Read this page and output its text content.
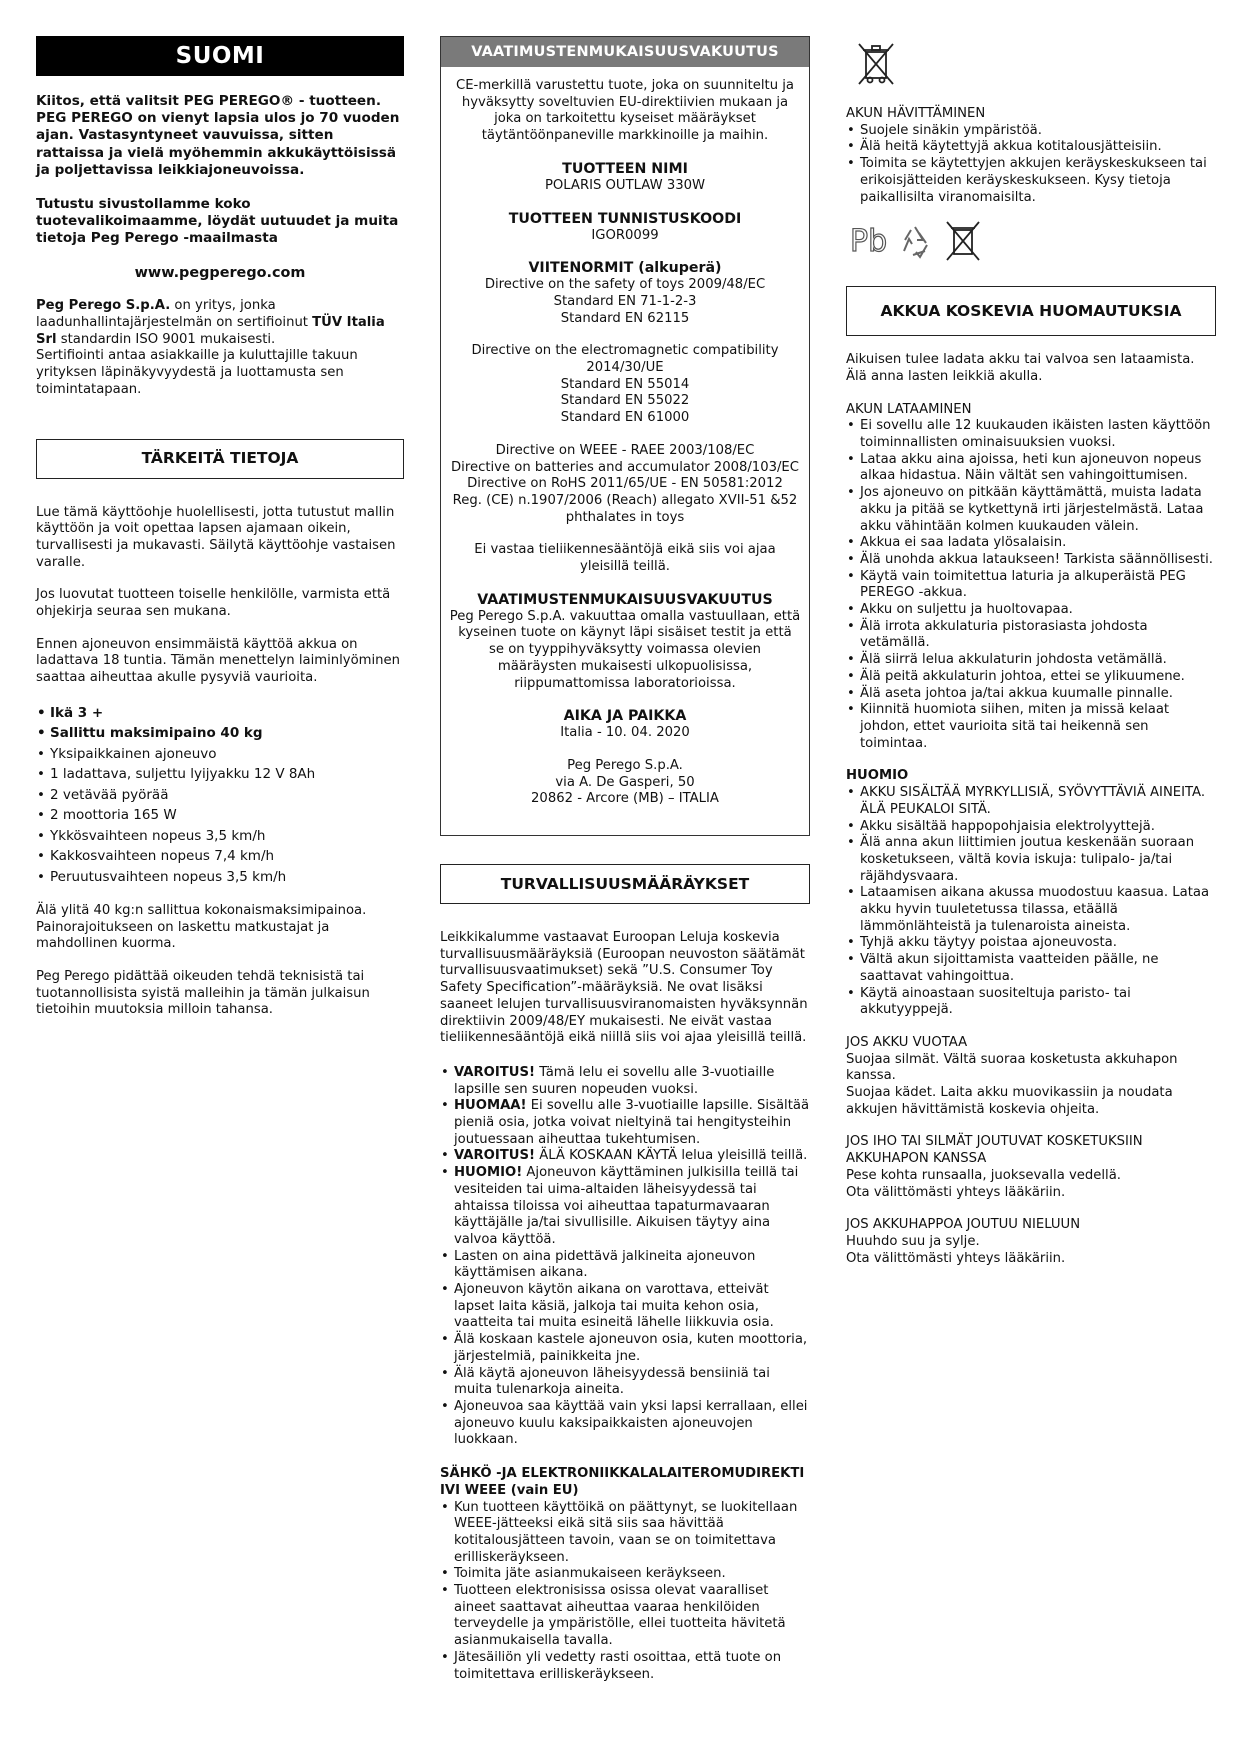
SUOMI
Kiitos, että valitsit PEG PEREGO® - tuotteen. PEG PEREGO on vienyt lapsia ulos jo 70 vuoden ajan. Vastasyntyneet vauvuissa, sitten rattaissa ja vielä myöhemmin akkukäyttöisissä ja poljettavissa leikkiajoneuvoissa.
Tutustu sivustollamme koko tuotevalikoimaamme, löydät uutuudet ja muita tietoja Peg Perego -maailmasta
www.pegperego.com
Peg Perego S.p.A. on yritys, jonka laadunhallintajärjestelmän on sertifioinut TÜV Italia Srl standardin ISO 9001 mukaisesti.
Sertifiointi antaa asiakkaille ja kuluttajille takuun yrityksen läpinäkyvyydestä ja luottamusta sen toimintatapaan.
TÄRKEITÄ TIETOJA
Lue tämä käyttöohje huolellisesti, jotta tutustut mallin käyttöön ja voit opettaa lapsen ajamaan oikein, turvallisesti ja mukavasti. Säilytä käyttöohje vastaisen varalle.
Jos luovutat tuotteen toiselle henkilölle, varmista että ohjekirja seuraa sen mukana.
Ennen ajoneuvon ensimmäistä käyttöä akkua on ladattava 18 tuntia. Tämän menettelyn laiminlyöminen saattaa aiheuttaa akulle pysyviä vaurioita.
• Ikä 3 +
• Sallittu maksimipaino 40 kg
• Yksipaikkainen ajoneuvo
• 1 ladattava, suljettu lyijyakku 12 V 8Ah
• 2 vetävää pyörää
• 2 moottoria 165 W
• Ykkösvaihteen nopeus 3,5 km/h
• Kakkosvaihteen nopeus 7,4 km/h
• Peruutusvaihteen nopeus 3,5 km/h
Älä ylitä 40 kg:n sallittua kokonaismaksimipainoa. Painorajoitukseen on laskettu matkustajat ja mahdollinen kuorma.
Peg Perego pidättää oikeuden tehdä teknisistä tai tuotannollisista syistä malleihin ja tämän julkaisun tietoihin muutoksia milloin tahansa.
VAATIMUSTENMUKAISUUSVAKUUTUS
CE-merkillä varustettu tuote, joka on suunniteltu ja hyväksytty soveltuvien EU-direktiivien mukaan ja joka on tarkoitettu kyseiset määräykset täytäntöönpaneville markkinoille ja maihin.
TUOTTEEN NIMI
POLARIS OUTLAW 330W
TUOTTEEN TUNNISTUSKOODI
IGOR0099
VIITENORMIT (alkuperä)
Directive on the safety of toys 2009/48/EC
Standard EN 71-1-2-3
Standard EN 62115
Directive on the electromagnetic compatibility 2014/30/UE
Standard EN 55014
Standard EN 55022
Standard EN 61000
Directive on WEEE - RAEE 2003/108/EC
Directive on batteries and accumulator 2008/103/EC
Directive on RoHS 2011/65/UE - EN 50581:2012
Reg. (CE) n.1907/2006 (Reach) allegato XVII-51 &52 phthalates in toys
Ei vastaa tieliikennesääntöjä eikä siis voi ajaa yleisillä teillä.
VAATIMUSTENMUKAISUUSVAKUUTUS
Peg Perego S.p.A. vakuuttaa omalla vastuullaan, että kyseinen tuote on käynyt läpi sisäiset testit ja että se on tyyppihyväksytty voimassa olevien määräysten mukaisesti ulkopuolisissa, riippumattomissa laboratorioissa.
AIKA JA PAIKKA
Italia - 10. 04. 2020
Peg Perego S.p.A.
via A. De Gasperi, 50
20862 - Arcore (MB) – ITALIA
TURVALLISUUSMÄÄRÄYKSET
Leikkikalumme vastaavat Euroopan Leluja koskevia turvallisuusmääräyksiä (Euroopan neuvoston säätämät turvallisuusvaatimukset) sekä ”U.S. Consumer Toy Safety Specification”-määräyksiä. Ne ovat lisäksi saaneet lelujen turvallisuusviranomaisten hyväksynnän direktiivin 2009/48/EY mukaisesti. Ne eivät vastaa tieliikennesääntöjä eikä niillä siis voi ajaa yleisillä teillä.
• VAROITUS! Tämä lelu ei sovellu alle 3-vuotiaille lapsille sen suuren nopeuden vuoksi.
• HUOMAA! Ei sovellu alle 3-vuotiaille lapsille. Sisältää pieniä osia, jotka voivat nieltyinä tai hengitysteihin joutuessaan aiheuttaa tukehtumisen.
• VAROITUS! ÄLÄ KOSKAAN KÄYTÄ lelua yleisillä teillä.
• HUOMIO! Ajoneuvon käyttäminen julkisilla teillä tai vesiteiden tai uima-altaiden läheisyydessä tai ahtaissa tiloissa voi aiheuttaa tapaturmavaaran käyttäjälle ja/tai sivullisille. Aikuisen täytyy aina valvoa käyttöä.
• Lasten on aina pidettävä jalkineita ajoneuvon käyttämisen aikana.
• Ajoneuvon käytön aikana on varottava, etteivät lapset laita käsiä, jalkoja tai muita kehon osia, vaatteita tai muita esineitä lähelle liikkuvia osia.
• Älä koskaan kastele ajoneuvon osia, kuten moottoria, järjestelmiä, painikkeita jne.
• Älä käytä ajoneuvon läheisyydessä bensiiniä tai muita tulenarkoja aineita.
• Ajoneuvoa saa käyttää vain yksi lapsi kerrallaan, ellei ajoneuvo kuulu kaksipaikkaisten ajoneuvojen luokkaan.
SÄHKÖ -JA ELEKTRONIIKKALALAITEROMUDIREKTI IVI WEEE (vain EU)
• Kun tuotteen käyttöikä on päättynyt, se luokitellaan WEEE-jätteeksi eikä sitä siis saa hävittää kotitalousjätteen tavoin, vaan se on toimitettava erilliskeräykseen.
• Toimita jäte asianmukaiseen keräykseen.
• Tuotteen elektronisissa osissa olevat vaaralliset aineet saattavat aiheuttaa vaaraa henkilöiden terveydelle ja ympäristölle, ellei tuotteita hävitetä asianmukaisella tavalla.
• Jätesäiliön yli vedetty rasti osoittaa, että tuote on toimitettava erilliskeräykseen.
AKUN HÄVITTÄMINEN
• Suojele sinäkin ympäristöä.
• Älä heitä käytettyjä akkua kotitalousjätteisiin.
• Toimita se käytettyjen akkujen keräyskeskukseen tai erikoisjätteiden keräyskeskukseen. Kysy tietoja paikallisilta viranomaisilta.
Pb
AKKUA KOSKEVIA HUOMAUTUKSIA
Aikuisen tulee ladata akku tai valvoa sen lataamista. Älä anna lasten leikkiä akulla.
AKUN LATAAMINEN
• Ei sovellu alle 12 kuukauden ikäisten lasten käyttöön toiminnallisten ominaisuuksien vuoksi.
• Lataa akku aina ajoissa, heti kun ajoneuvon nopeus alkaa hidastua. Näin vältät sen vahingoittumisen.
• Jos ajoneuvo on pitkään käyttämättä, muista ladata akku ja pitää se kytkettynä irti järjestelmästä. Lataa akku vähintään kolmen kuukauden välein.
• Akkua ei saa ladata ylösalaisin.
• Älä unohda akkua lataukseen! Tarkista säännöllisesti.
• Käytä vain toimitettua laturia ja alkuperäistä PEG PEREGO -akkua.
• Akku on suljettu ja huoltovapaa.
• Älä irrota akkulaturia pistorasiasta johdosta vetämällä.
• Älä siirrä lelua akkulaturin johdosta vetämällä.
• Älä peitä akkulaturin johtoa, ettei se ylikuumene.
• Älä aseta johtoa ja/tai akkua kuumalle pinnalle.
• Kiinnitä huomiota siihen, miten ja missä kelaat johdon, ettet vaurioita sitä tai heikennä sen toimintaa.
HUOMIO
• AKKU SISÄLTÄÄ MYRKYLLISIÄ, SYÖVYTTÄVIÄ AINEITA.
ÄLÄ PEUKALOI SITÄ.
• Akku sisältää happopohjaisia elektrolyyttejä.
• Älä anna akun liittimien joutua keskenään suoraan kosketukseen, vältä kovia iskuja: tulipalo- ja/tai räjähdysvaara.
• Lataamisen aikana akussa muodostuu kaasua. Lataa akku hyvin tuuletetussa tilassa, etäällä lämmönlähteistä ja tulenaroista aineista.
• Tyhjä akku täytyy poistaa ajoneuvosta.
• Vältä akun sijoittamista vaatteiden päälle, ne saattavat vahingoittua.
• Käytä ainoastaan suositeltuja paristo- tai akkutyyppejä.
JOS AKKU VUOTAA
Suojaa silmät. Vältä suoraa kosketusta akkuhapon kanssa.
Suojaa kädet. Laita akku muovikassiin ja noudata akkujen hävittämistä koskevia ohjeita.
JOS IHO TAI SILMÄT JOUTUVAT KOSKETUKSIIN AKKUHAPON KANSSA
Pese kohta runsaalla, juoksevalla vedellä.
Ota välittömästi yhteys lääkäriin.
JOS AKKUHAPPOA JOUTUU NIELUUN
Huuhdo suu ja sylje.
Ota välittömästi yhteys lääkäriin.
